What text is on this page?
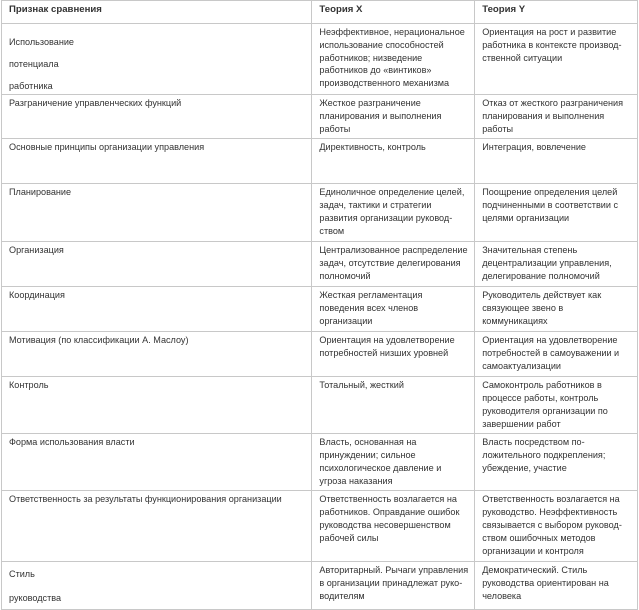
Признак сравнения	Теория X	Теория Y

Использование
потенциала
работника	Неэффективное, нерациональное использование способностей работников; низведение работников до «винтиков» производственного механизма	Ориентация на рост и развитие работника в контексте производственной ситуации
Разграничение управленческих функций	Жесткое разграничение планирования и выполнения работы	Отказ от жесткого разграничения планирования и выполнения работы
Основные принципы организации управления	Директивность, контроль	Интеграция, вовлечение
Планирование	Единоличное определение целей, задач, тактики и стратегии развития организации руководством	Поощрение определения целей подчиненными в соответствии с целями организации
Организация	Централизованное распределение задач, отсутствие делегирования полномочий	Значительная степень децентрализации управления, делегирование полномочий
Координация	Жесткая регламентация поведения всех членов организации	Руководитель действует как связующее звено в коммуникациях
Мотивация (по классификации А. Маслоу)	Ориентация на удовлетворение потребностей низших уровней	Ориентация на удовлетворение потребностей в самоуважении и самоактуализации
Контроль	Тотальный, жесткий	Самоконтроль работников в процессе работы, контроль руководителя организации по завершении работ
Форма использования власти	Власть, основанная на принуждении; сильное психологическое давление и угроза наказания	Власть посредством положительного подкрепления; убеждение, участие
Ответственность за результаты функционирования организации	Ответственность возлагается на работников. Оправдание ошибок руководства несовершенством рабочей силы	Ответственность возлагается на руководство. Неэффективность связывается с выбором руководством ошибочных методов организации и контроля

Стиль
руководства	Авторитарный. Рычаги управления в организации принадлежат руководителям	Демократический. Стиль руководства ориентирован на человека
